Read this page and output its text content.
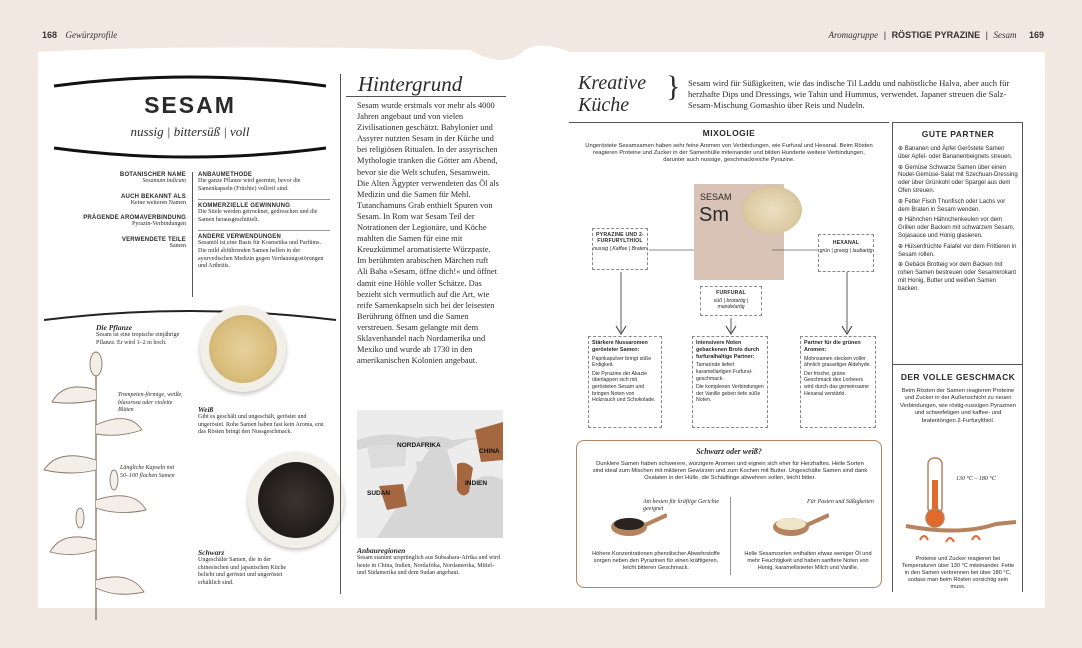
168 Gewürzprofile	Aromagruppe | RÖSTIGE PYRAZINE | Sesam 169
SESAM
nussig | bittersüß | voll
BOTANISCHER NAME
Sesamum indicum
AUCH BEKANNT ALS
Keine weiteren Namen
PRÄGENDE AROMAVERBINDUNG
Pyrazin-Verbindungen
VERWENDETE TEILE
Samen
ANBAUMETHODE
Die ganze Pflanze wird geerntet, bevor die Samenkapseln (Früchte) vollreif sind.
KOMMERZIELLE GEWINNUNG
Die Stiele werden getrocknet, gedroschen und die Samen herausgeschüttelt.
ANDERE VERWENDUNGEN
Sesamöl ist eine Basis für Kosmetika und Parfüms. Die mild abführenden Samen helfen in der ayurvedischen Medizin gegen Verdauungsstörungen und Arthritis.
Die Pflanze
Sesam ist eine tropische einjährige Pflanze. Er wird 1–2 m hoch.
Trompeten-förmige, weiße, blassrosa oder violette Blüten
Längliche Kapseln mit 50–100 flachen Samen
Weiß
Gibt es geschält und ungeschält, geröstet und ungeröstet. Rohe Samen haben fast kein Aroma, erst das Rösten bringt den Nussgeschmack.
Schwarz
Ungeschälte Samen, die in der chinesischen und japanischen Küche beliebt und geröstet und ungeröstet erhältlich sind.
Hintergrund
Sesam wurde erstmals vor mehr als 4000 Jahren angebaut und von vielen Zivilisationen geschätzt. Babylonier und Assyrer nutzten Sesam in der Küche und bei religiösen Ritualen. In der assyrischen Mythologie tranken die Götter am Abend, bevor sie die Welt schufen, Sesamwein. Die Alten Ägypter verwendeten das Öl als Medizin und die Samen für Mehl. Tutanchamuns Grab enthielt Spuren von Sesam. In Rom war Sesam Teil der Notrationen der Legionäre, und Köche mahlten die Samen für eine mit Kreuzkümmel aromatisierte Würzpaste. Im berühmten arabischen Märchen ruft Ali Baba »Sesam, öffne dich!« und öffnet damit eine Höhle voller Schätze. Das bezieht sich vermutlich auf die Art, wie reife Samenkapseln sich bei der leisesten Berührung öffnen und die Samen verstreuen. Sesam gelangte mit dem Sklavenhandel nach Nordamerika und Mexiko und wurde ab 1730 in den amerikanischen Kolonien angebaut.
NORDAFRIKA
CHINA
INDIEN
SUDAN
Anbauregionen
Sesam stammt ursprünglich aus Subsahara-Afrika und wird heute in China, Indien, Nordafrika, Nordamerika, Mittel- und Südamerika und dem Sudan angebaut.
Kreative
Küche
} Sesam wird für Süßigkeiten, wie das indische Til Laddu und nahöstliche Halva, aber auch für herzhafte Dips und Dressings, wie Tahin und Hummus, verwendet. Japaner streuen die Salz-Sesam-Mischung Gomashio über Reis und Nudeln.
MIXOLOGIE
Ungeröstete Sesamsamen haben sehr feine Aromen von Verbindungen, wie Furfural und Hexanal. Beim Rösten reagieren Proteine und Zucker in der Samenhülle miteinander und bilden Hunderte weitere Verbindungen, darunter auch nussige, geschmackreiche Pyrazine.
SESAM
Sm
PYRAZINE UND 2-FURFURYLTHIOL
nussig | Kaffee | Braten
FURFURAL
süß | brotartig | mandelartig
HEXANAL
grün | grasig | laubartig
Stärkere Nussaromen gerösteter Samen:
Paprikapulver bringt süße Erdigkeit.
Die Pyrazine der Akazie überlappen sich mit gerösteten Sesam und bringen Noten von Holzrauch und Schokolade.
Intensivere Noten gebackenen Brots durch furfuralhaltige Partner:
Tamarinde liefert karamellartigen Furfural-geschmack.
Die komplexen Verbindungen der Vanille geben tiefe süße Noten.
Partner für die grünen Aromen:
Mohnsamen stecken voller ähnlich grasartiger Aldehyde.
Der frische, grüne Geschmack des Lorbeers wird durch das gemeinsame Hexanal verstärkt.
Schwarz oder weiß?
Dunklere Samen haben schwerere, würzigere Aromen und eignen sich eher für Herzhaftes. Helle Sorten sind ideal zum Mischen mit milderen Gewürzen und zum Kochen mit Butter. Ungeschälte Samen sind dank Oxalaten in der Hülle, die Schädlinge abwehren sollen, leicht bitter.
Am besten für kräftige Gerichte geeignet
Für Pasten und Süßigkeiten
Höhere Konzentrationen phenolischer Abwehrstoffe sorgen neben den Pyrazinen für einen kräftigeren, leicht bitteren Geschmack.
Helle Sesamsorten enthalten etwas weniger Öl und mehr Feuchtigkeit und haben sanftere Noten von Honig, karamellisierter Milch und Vanille.
GUTE PARTNER
⊕ Bananen und Äpfel Geröstete Samen über Apfel- oder Bananenbeignets streuen.
⊕ Gemüse Schwarze Samen über einen Nudel-Gemüse-Salat mit Szechuan-Dressing oder über Grünkohl oder Spargel aus dem Ofen streuen.
⊕ Fetter Fisch Thunfisch oder Lachs vor dem Braten in Sesam wenden.
⊕ Hähnchen Hähnchenkeulen vor dem Grillen oder Backen mit schwarzem Sesam, Sojasauce und Honig glasieren.
⊕ Hülsenfrüchte Falafel vor dem Frittieren in Sesam rollen.
⊕ Gebäck Brotteig vor dem Backen mit rohen Samen bestreuen oder Sesamkrokant mit Honig, Butter und weißen Samen backen.
DER VOLLE GESCHMACK
Beim Rösten der Samen reagieren Proteine und Zucker in der Außenschicht zu neuen Verbindungen, wie röstig-nussigen Pyrazinen und schwefeligen und kaffee- und bratentöngen 2-Furfurylthiol.
130 °C – 180 °C
Proteine und Zucker reagieren bei Temperaturen über 130 °C miteinander. Fette in den Samen verbrennen bei über 180 °C, sodass man beim Rösten vorsichtig sein muss.
